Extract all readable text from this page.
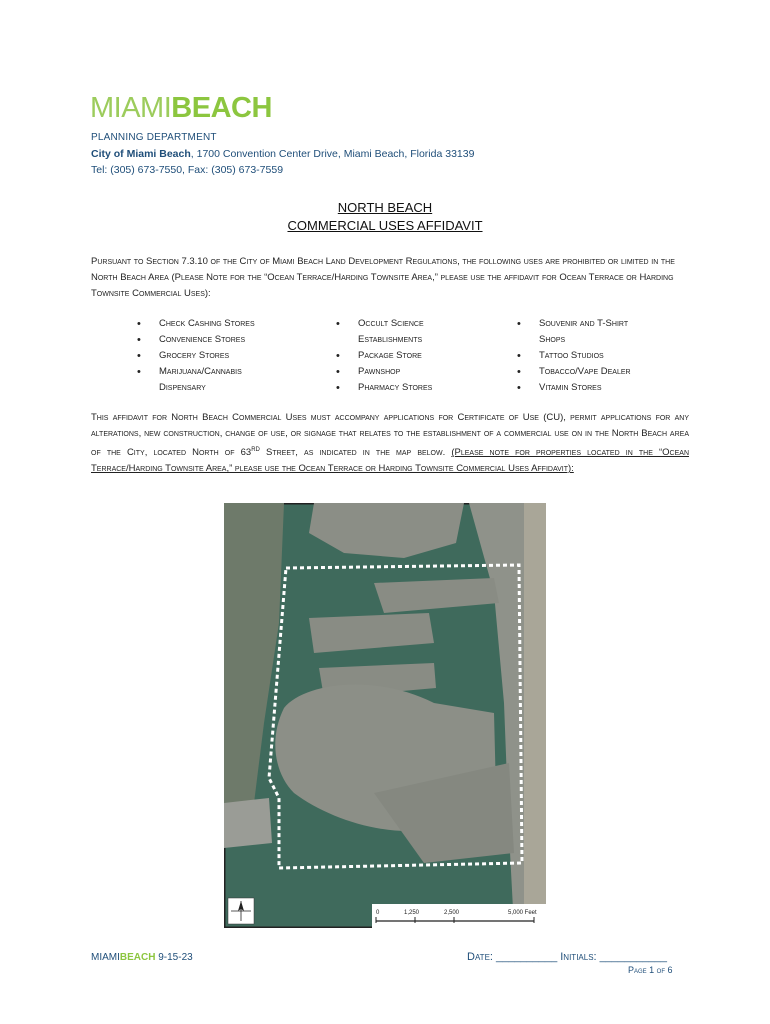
MIAMIBEACH
PLANNING DEPARTMENT
City of Miami Beach, 1700 Convention Center Drive, Miami Beach, Florida 33139
Tel: (305) 673-7550, Fax: (305) 673-7559
NORTH BEACH
COMMERCIAL USES AFFIDAVIT
Pursuant to Section 7.3.10 of the City of Miami Beach Land Development Regulations, the following uses are prohibited or limited in the North Beach Area (Please Note for the “Ocean Terrace/Harding Townsite Area,” please use the affidavit for Ocean Terrace or Harding Townsite Commercial Uses):
• Check Cashing Stores
• Convenience Stores
• Grocery Stores
• Marijuana/Cannabis
Dispensary
• Occult Science
Establishments
• Package Store
• Pawnshop
• Pharmacy Stores
• Souvenir and T-Shirt
Shops
• Tattoo Studios
• Tobacco/Vape Dealer
• Vitamin Stores
This affidavit for North Beach Commercial Uses must accompany applications for Certificate of Use (CU), permit applications for any alterations, new construction, change of use, or signage that relates to the establishment of a commercial use on in the North Beach area of the City, located North of 63RD Street, as indicated in the map below. (Please note for properties located in the “Ocean Terrace/Harding Townsite Area,” please use the Ocean Terrace or Harding Townsite Commercial Uses Affidavit):
0	1,250	2,500	5,000 Feet
MIAMIBEACH 9-15-23	Date: __________ Initials: ___________
Page 1 of 6
